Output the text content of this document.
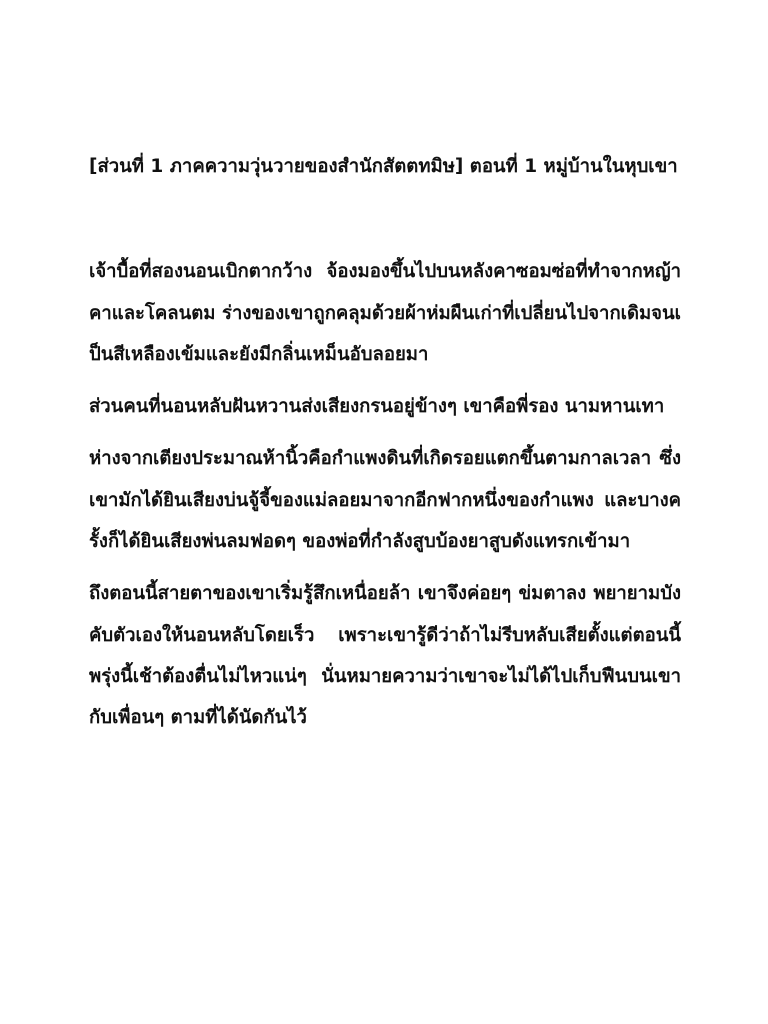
[ส่วนที่ 1 ภาคความวุ่นวายของสำนักสัตตทมิษ] ตอนที่ 1 หมู่บ้านในหุบเขา
เจ้าบื้อที่สองนอนเบิกตากว้าง จ้องมองขึ้นไปบนหลังคาซอมซ่อที่ทำจากหญ้าคาและโคลนตม ร่างของเขาถูกคลุมด้วยผ้าห่มผืนเก่าที่เปลี่ยนไปจากเดิมจนเป็นสีเหลืองเข้มและยังมีกลิ่นเหม็นอับลอยมา
ส่วนคนที่นอนหลับฝันหวานส่งเสียงกรนอยู่ข้างๆ เขาคือพี่รอง นามหานเทา
ห่างจากเตียงประมาณห้านิ้วคือกำแพงดินที่เกิดรอยแตกขึ้นตามกาลเวลา ซึ่งเขามักได้ยินเสียงบ่นจู้จี้ของแม่ลอยมาจากอีกฟากหนึ่งของกำแพง และบางครั้งก็ได้ยินเสียงพ่นลมฟอดๆ ของพ่อที่กำลังสูบบ้องยาสูบดังแทรกเข้ามา
ถึงตอนนี้สายตาของเขาเริ่มรู้สึกเหนื่อยล้า เขาจึงค่อยๆ ข่มตาลง พยายามบังคับตัวเองให้นอนหลับโดยเร็ว เพราะเขารู้ดีว่าถ้าไม่รีบหลับเสียตั้งแต่ตอนนี้ พรุ่งนี้เช้าต้องตื่นไม่ไหวแน่ๆ นั่นหมายความว่าเขาจะไม่ได้ไปเก็บฟืนบนเขากับเพื่อนๆ ตามที่ได้นัดกันไว้
